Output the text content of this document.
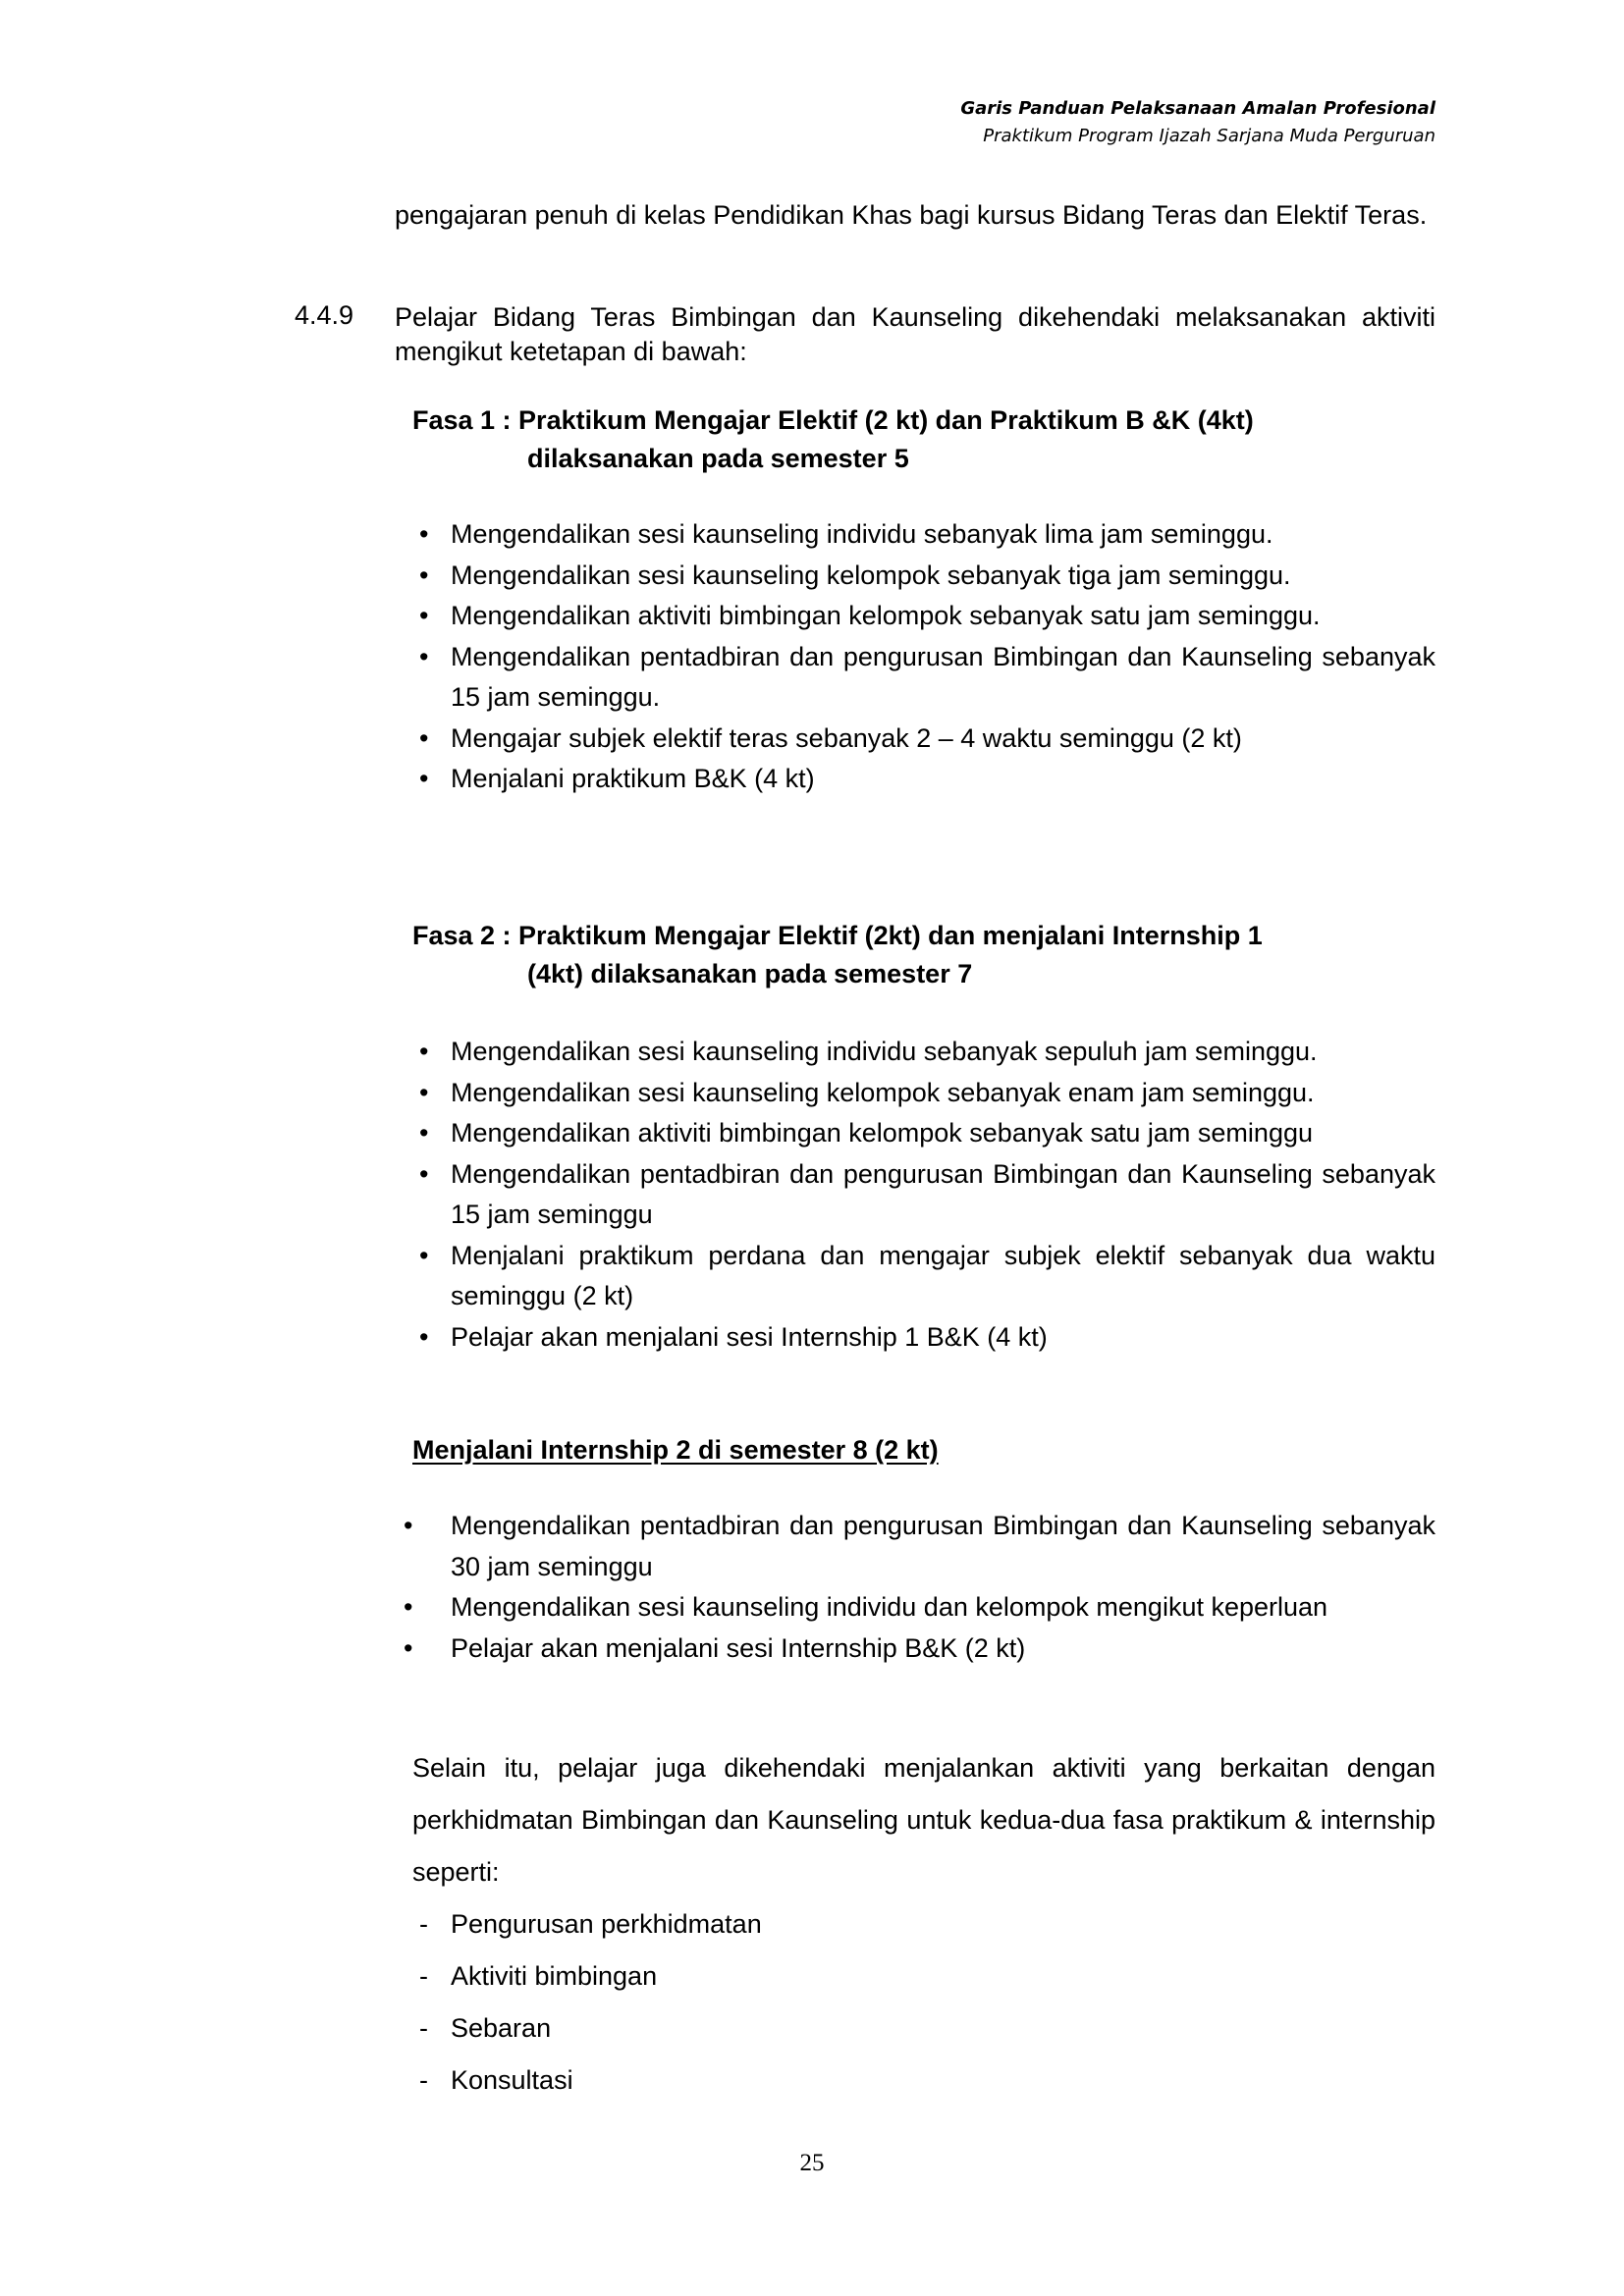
Garis Panduan Pelaksanaan Amalan Profesional
Praktikum Program Ijazah Sarjana Muda Perguruan
pengajaran penuh di kelas Pendidikan Khas bagi kursus Bidang Teras dan Elektif Teras.
4.4.9 Pelajar Bidang Teras Bimbingan dan Kaunseling dikehendaki melaksanakan aktiviti mengikut ketetapan di bawah:
Fasa 1 : Praktikum Mengajar Elektif (2 kt) dan Praktikum B &K (4kt)
dilaksanakan pada semester 5
• Mengendalikan sesi kaunseling individu sebanyak lima jam seminggu.
• Mengendalikan sesi kaunseling kelompok sebanyak tiga jam seminggu.
• Mengendalikan aktiviti bimbingan kelompok sebanyak satu jam seminggu.
• Mengendalikan pentadbiran dan pengurusan Bimbingan dan Kaunseling sebanyak 15 jam seminggu.
• Mengajar subjek elektif teras sebanyak 2 – 4 waktu seminggu (2 kt)
• Menjalani praktikum B&K (4 kt)
Fasa 2 : Praktikum Mengajar Elektif (2kt) dan menjalani Internship 1
(4kt) dilaksanakan pada semester 7
• Mengendalikan sesi kaunseling individu sebanyak sepuluh jam seminggu.
• Mengendalikan sesi kaunseling kelompok sebanyak enam jam seminggu.
• Mengendalikan aktiviti bimbingan kelompok sebanyak satu jam seminggu
• Mengendalikan pentadbiran dan pengurusan Bimbingan dan Kaunseling sebanyak 15 jam seminggu
• Menjalani praktikum perdana dan mengajar subjek elektif sebanyak dua waktu seminggu (2 kt)
• Pelajar akan menjalani sesi Internship 1 B&K (4 kt)
Menjalani Internship 2 di semester 8 (2 kt)
• Mengendalikan pentadbiran dan pengurusan Bimbingan dan Kaunseling sebanyak 30 jam seminggu
• Mengendalikan sesi kaunseling individu dan kelompok mengikut keperluan
• Pelajar akan menjalani sesi Internship B&K (2 kt)
Selain itu, pelajar juga dikehendaki menjalankan aktiviti yang berkaitan dengan perkhidmatan Bimbingan dan Kaunseling untuk kedua-dua fasa praktikum & internship seperti:
- Pengurusan perkhidmatan
- Aktiviti bimbingan
- Sebaran
- Konsultasi
25
